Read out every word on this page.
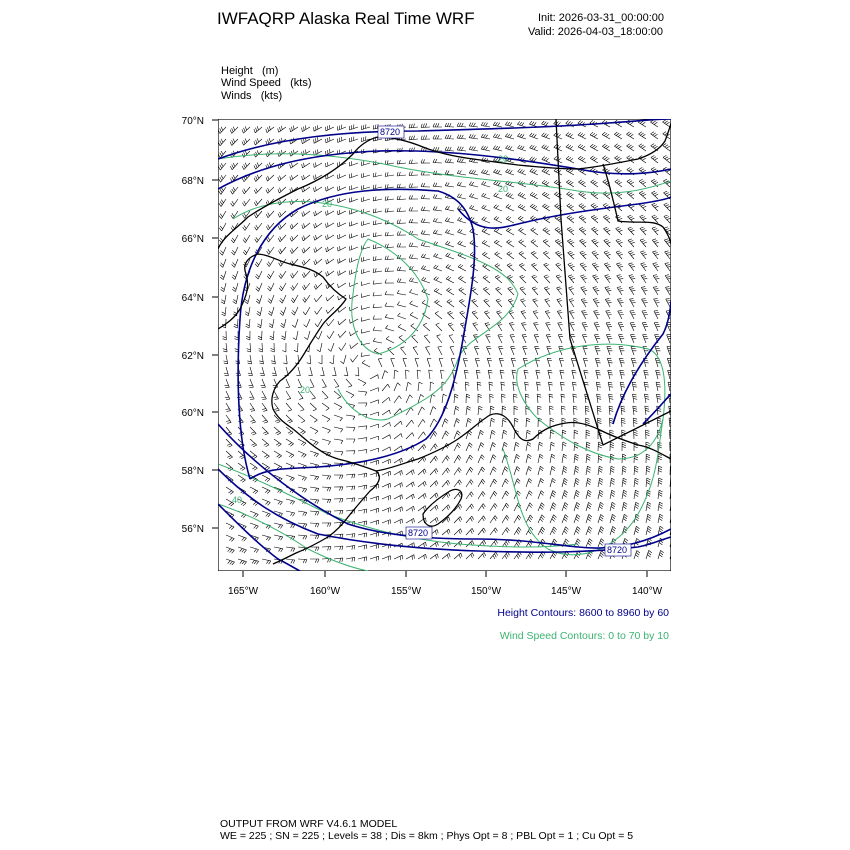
IWFAQRP Alaska Real Time WRF	Init: 2026-03-31_00:00:00
Valid: 2026-04-03_18:00:00
Height (m)
Wind Speed (kts)
Winds (kts)
70°N
68°N
66°N
64°N
62°N
60°N
58°N
56°N
165°W	160°W	155°W	150°W	145°W	140°W
8720
8720
8720
20
20
20
20
40
Height Contours: 8600 to 8960 by 60
Wind Speed Contours: 0 to 70 by 10
OUTPUT FROM WRF V4.6.1 MODEL
WE = 225 ; SN = 225 ; Levels = 38 ; Dis = 8km ; Phys Opt = 8 ; PBL Opt = 1 ; Cu Opt = 5
